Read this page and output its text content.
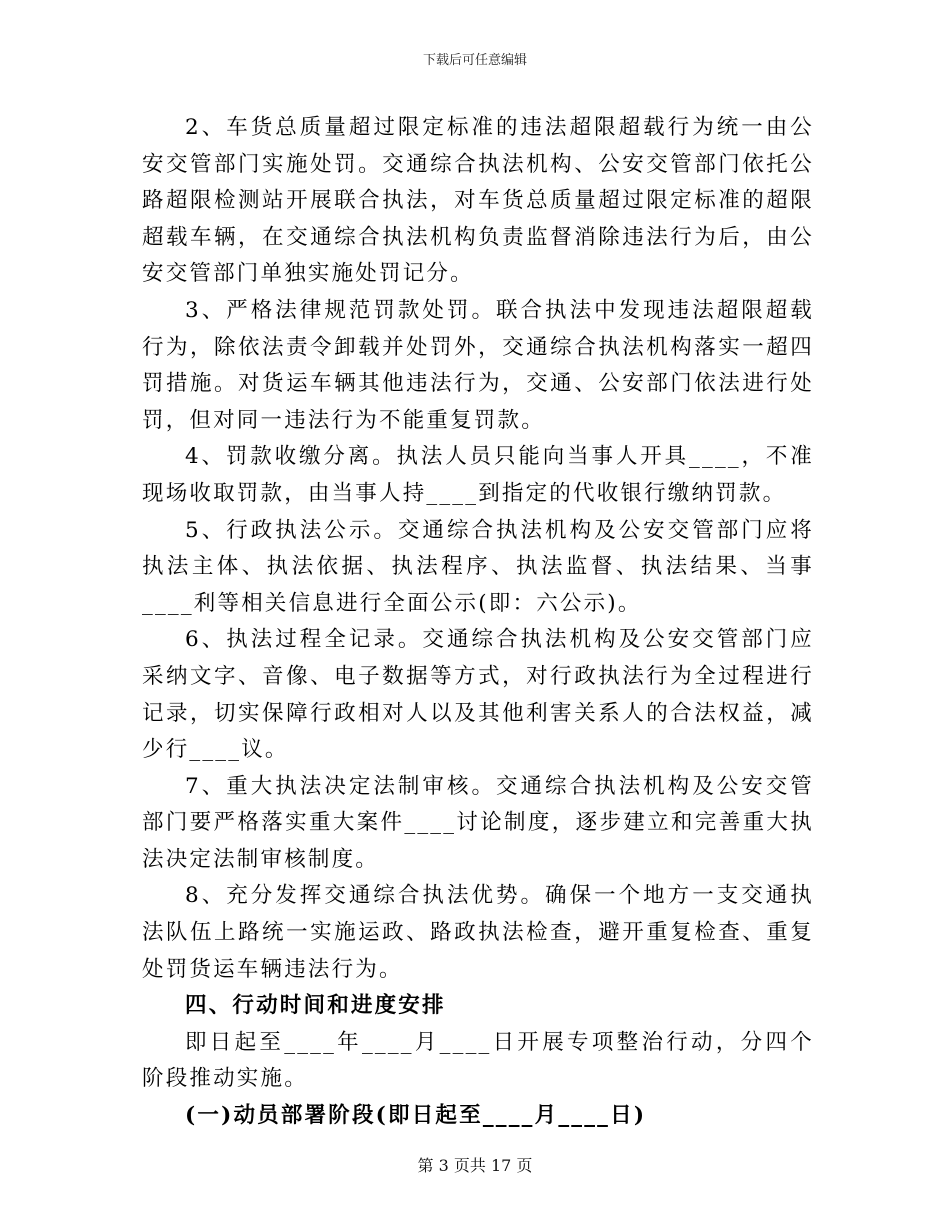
下载后可任意编辑

2、车货总质量超过限定标准的违法超限超载行为统一由公安交管部门实施处罚。交通综合执法机构、公安交管部门依托公路超限检测站开展联合执法，对车货总质量超过限定标准的超限超载车辆，在交通综合执法机构负责监督消除违法行为后，由公安交管部门单独实施处罚记分。

3、严格法律规范罚款处罚。联合执法中发现违法超限超载行为，除依法责令卸载并处罚外，交通综合执法机构落实一超四罚措施。对货运车辆其他违法行为，交通、公安部门依法进行处罚，但对同一违法行为不能重复罚款。

4、罚款收缴分离。执法人员只能向当事人开具____，不准现场收取罚款，由当事人持____到指定的代收银行缴纳罚款。

5、行政执法公示。交通综合执法机构及公安交管部门应将执法主体、执法依据、执法程序、执法监督、执法结果、当事____利等相关信息进行全面公示(即：六公示)。

6、执法过程全记录。交通综合执法机构及公安交管部门应采纳文字、音像、电子数据等方式，对行政执法行为全过程进行记录，切实保障行政相对人以及其他利害关系人的合法权益，减少行____议。

7、重大执法决定法制审核。交通综合执法机构及公安交管部门要严格落实重大案件____讨论制度，逐步建立和完善重大执法决定法制审核制度。

8、充分发挥交通综合执法优势。确保一个地方一支交通执法队伍上路统一实施运政、路政执法检查，避开重复检查、重复处罚货运车辆违法行为。

四、行动时间和进度安排

即日起至____年____月____日开展专项整治行动，分四个阶段推动实施。

(一)动员部署阶段(即日起至____月____日)

第 3 页共 17 页
